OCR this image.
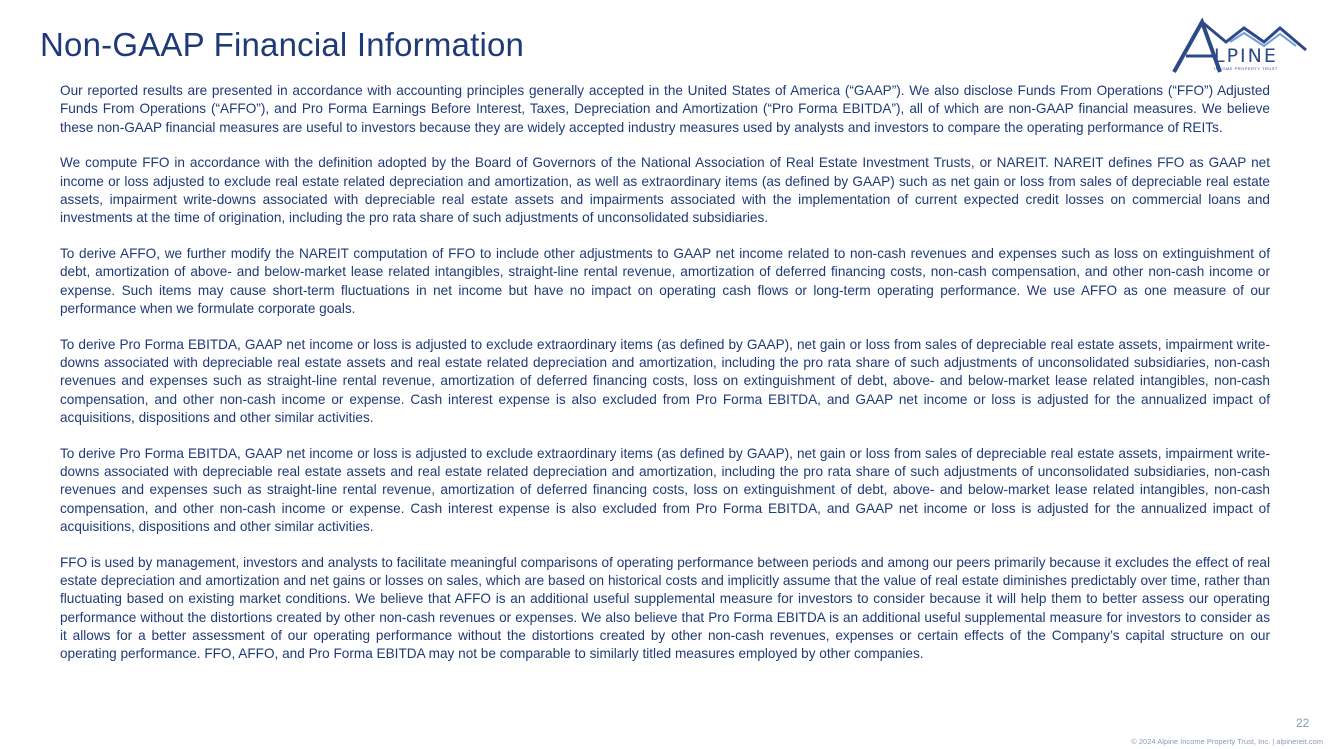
Non-GAAP Financial Information	LPINE
INCOME PROPERTY TRUST

Our reported results are presented in accordance with accounting principles generally accepted in the United States of America (“GAAP”). We also disclose Funds From Operations (“FFO”) Adjusted Funds From Operations (“AFFO”), and Pro Forma Earnings Before Interest, Taxes, Depreciation and Amortization (“Pro Forma EBITDA”), all of which are non-GAAP financial measures. We believe these non-GAAP financial measures are useful to investors because they are widely accepted industry measures used by analysts and investors to compare the operating performance of REITs.

We compute FFO in accordance with the definition adopted by the Board of Governors of the National Association of Real Estate Investment Trusts, or NAREIT. NAREIT defines FFO as GAAP net income or loss adjusted to exclude real estate related depreciation and amortization, as well as extraordinary items (as defined by GAAP) such as net gain or loss from sales of depreciable real estate assets, impairment write-downs associated with depreciable real estate assets and impairments associated with the implementation of current expected credit losses on commercial loans and investments at the time of origination, including the pro rata share of such adjustments of unconsolidated subsidiaries.

To derive AFFO, we further modify the NAREIT computation of FFO to include other adjustments to GAAP net income related to non-cash revenues and expenses such as loss on extinguishment of debt, amortization of above- and below-market lease related intangibles, straight-line rental revenue, amortization of deferred financing costs, non-cash compensation, and other non-cash income or expense. Such items may cause short-term fluctuations in net income but have no impact on operating cash flows or long-term operating performance. We use AFFO as one measure of our performance when we formulate corporate goals.

To derive Pro Forma EBITDA, GAAP net income or loss is adjusted to exclude extraordinary items (as defined by GAAP), net gain or loss from sales of depreciable real estate assets, impairment write-downs associated with depreciable real estate assets and real estate related depreciation and amortization, including the pro rata share of such adjustments of unconsolidated subsidiaries, non-cash revenues and expenses such as straight-line rental revenue, amortization of deferred financing costs, loss on extinguishment of debt, above- and below-market lease related intangibles, non-cash compensation, and other non-cash income or expense. Cash interest expense is also excluded from Pro Forma EBITDA, and GAAP net income or loss is adjusted for the annualized impact of acquisitions, dispositions and other similar activities.

To derive Pro Forma EBITDA, GAAP net income or loss is adjusted to exclude extraordinary items (as defined by GAAP), net gain or loss from sales of depreciable real estate assets, impairment write-downs associated with depreciable real estate assets and real estate related depreciation and amortization, including the pro rata share of such adjustments of unconsolidated subsidiaries, non-cash revenues and expenses such as straight-line rental revenue, amortization of deferred financing costs, loss on extinguishment of debt, above- and below-market lease related intangibles, non-cash compensation, and other non-cash income or expense. Cash interest expense is also excluded from Pro Forma EBITDA, and GAAP net income or loss is adjusted for the annualized impact of acquisitions, dispositions and other similar activities.

FFO is used by management, investors and analysts to facilitate meaningful comparisons of operating performance between periods and among our peers primarily because it excludes the effect of real estate depreciation and amortization and net gains or losses on sales, which are based on historical costs and implicitly assume that the value of real estate diminishes predictably over time, rather than fluctuating based on existing market conditions. We believe that AFFO is an additional useful supplemental measure for investors to consider because it will help them to better assess our operating performance without the distortions created by other non-cash revenues or expenses. We also believe that Pro Forma EBITDA is an additional useful supplemental measure for investors to consider as it allows for a better assessment of our operating performance without the distortions created by other non-cash revenues, expenses or certain effects of the Company’s capital structure on our operating performance. FFO, AFFO, and Pro Forma EBITDA may not be comparable to similarly titled measures employed by other companies.

22
© 2024 Alpine Income Property Trust, Inc. | alpinereit.com
